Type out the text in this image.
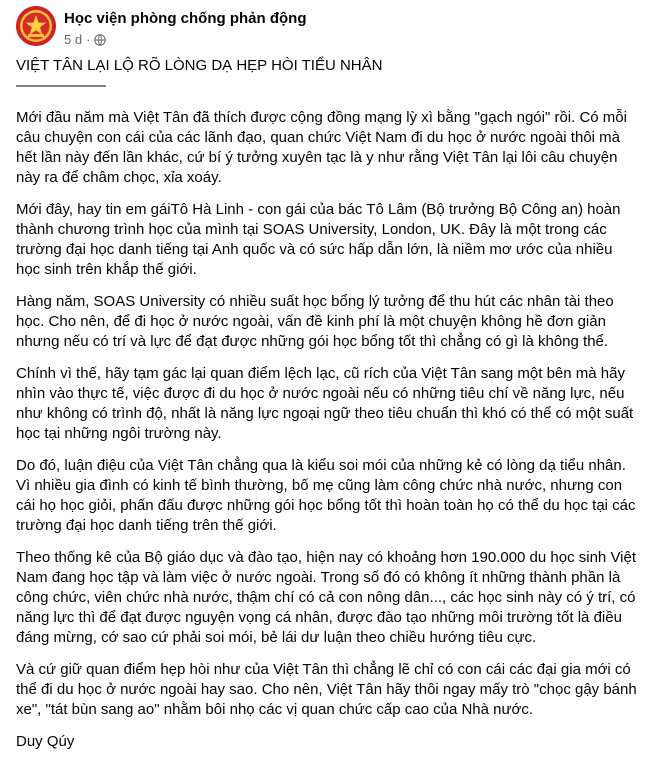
Học viện phòng chống phản động
5 d ·

VIỆT TÂN LẠI LỘ RÕ LÒNG DẠ HẸP HÒI TIỂU NHÂN

——————

Mới đầu năm mà Việt Tân đã thích được cộng đồng mạng lỳ xì bằng "gạch ngói" rồi. Có mỗi câu chuyện con cái của các lãnh đạo, quan chức Việt Nam đi du học ở nước ngoài thôi mà hết lần này đến lần khác, cứ bí ý tưởng xuyên tạc là y như rằng Việt Tân lại lôi câu chuyện này ra để châm chọc, xỉa xoáy.

Mới đây, hay tin em gáiTô Hà Linh - con gái của bác Tô Lâm (Bộ trưởng Bộ Công an) hoàn thành chương trình học của mình tại SOAS University, London, UK. Đây là một trong các trường đại học danh tiếng tại Anh quốc và có sức hấp dẫn lớn, là niềm mơ ước của nhiều học sinh trên khắp thế giới.

Hàng năm, SOAS University có nhiều suất học bổng lý tưởng để thu hút các nhân tài theo học. Cho nên, để đi học ở nước ngoài, vấn đề kinh phí là một chuyện không hề đơn giản nhưng nếu có trí và lực để đạt được những gói học bổng tốt thì chẳng có gì là không thể.

Chính vì thế, hãy tạm gác lại quan điểm lệch lạc, cũ rích của Việt Tân sang một bên mà hãy nhìn vào thực tế, việc được đi du học ở nước ngoài nếu có những tiêu chí về năng lực, nếu như không có trình độ, nhất là năng lực ngoại ngữ theo tiêu chuẩn thì khó có thể có một suất học tại những ngôi trường này.

Do đó, luận điệu của Việt Tân chẳng qua là kiểu soi mói của những kẻ có lòng dạ tiểu nhân. Vì nhiều gia đình có kinh tế bình thường, bố mẹ cũng làm công chức nhà nước, nhưng con cái họ học giỏi, phấn đấu được những gói học bổng tốt thì hoàn toàn họ có thể du học tại các trường đại học danh tiếng trên thế giới.

Theo thống kê của Bộ giáo dục và đào tạo, hiện nay có khoảng hơn 190.000 du học sinh Việt Nam đang học tập và làm việc ở nước ngoài. Trong số đó có không ít những thành phần là công chức, viên chức nhà nước, thậm chí có cả con nông dân..., các học sinh này có ý trí, có năng lực thì để đạt được nguyện vọng cá nhân, được đào tạo những môi trường tốt là điều đáng mừng, cớ sao cứ phải soi mói, bẻ lái dư luận theo chiều hướng tiêu cực.

Và cứ giữ quan điểm hẹp hòi như của Việt Tân thì chẳng lẽ chỉ có con cái các đại gia mới có thể đi du học ở nước ngoài hay sao. Cho nên, Việt Tân hãy thôi ngay mấy trò "chọc gậy bánh xe", "tát bùn sang ao" nhằm bôi nhọ các vị quan chức cấp cao của Nhà nước.

Duy Qúy
